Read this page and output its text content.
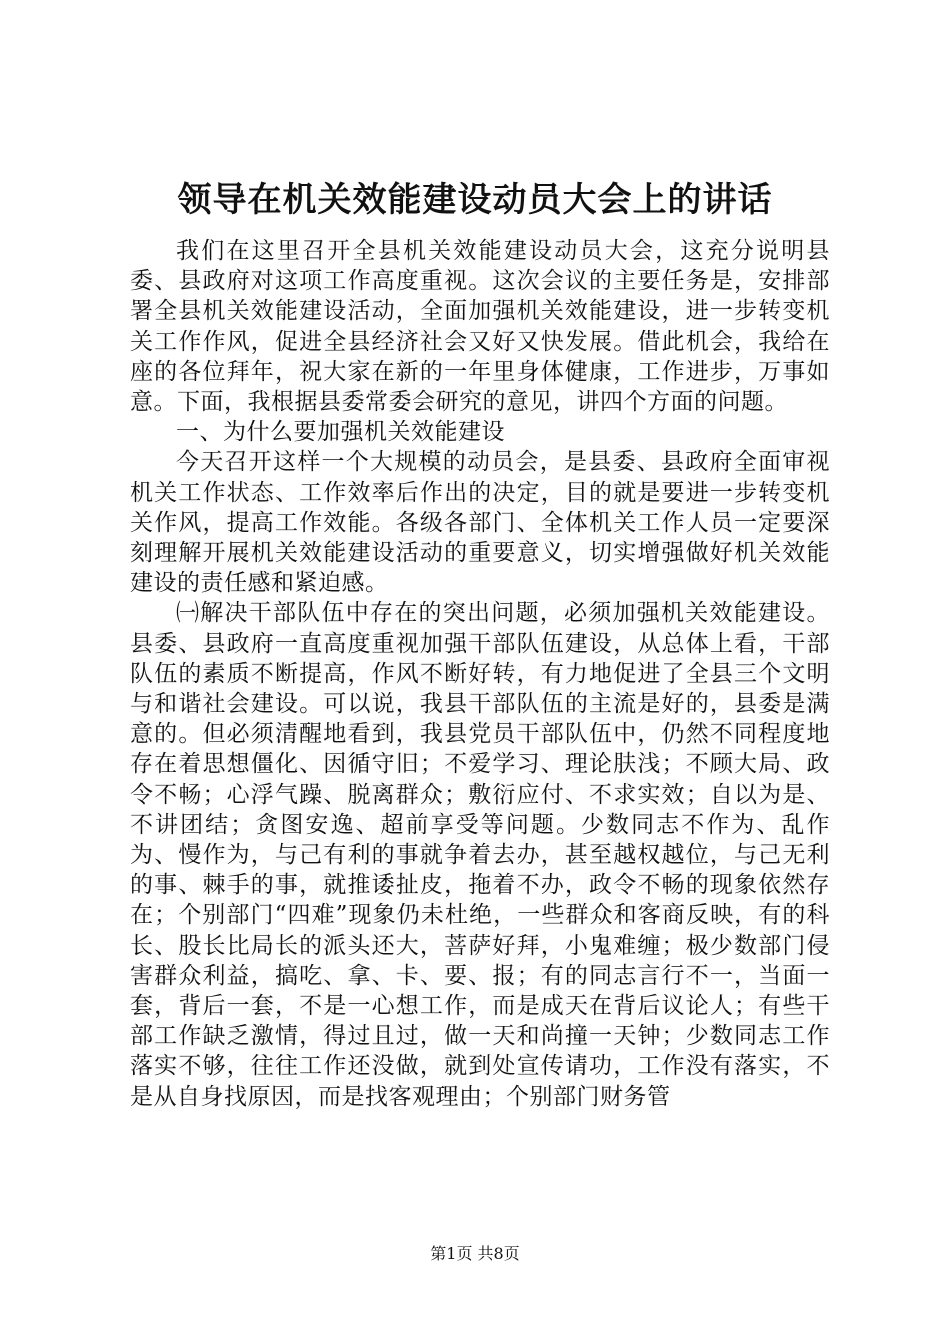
领导在机关效能建设动员大会上的讲话

我们在这里召开全县机关效能建设动员大会，这充分说明县委、县政府对这项工作高度重视。这次会议的主要任务是，安排部署全县机关效能建设活动，全面加强机关效能建设，进一步转变机关工作作风，促进全县经济社会又好又快发展。借此机会，我给在座的各位拜年，祝大家在新的一年里身体健康，工作进步，万事如意。下面，我根据县委常委会研究的意见，讲四个方面的问题。

一、为什么要加强机关效能建设

今天召开这样一个大规模的动员会，是县委、县政府全面审视机关工作状态、工作效率后作出的决定，目的就是要进一步转变机关作风，提高工作效能。各级各部门、全体机关工作人员一定要深刻理解开展机关效能建设活动的重要意义，切实增强做好机关效能建设的责任感和紧迫感。

㈠解决干部队伍中存在的突出问题，必须加强机关效能建设。县委、县政府一直高度重视加强干部队伍建设，从总体上看，干部队伍的素质不断提高，作风不断好转，有力地促进了全县三个文明与和谐社会建设。可以说，我县干部队伍的主流是好的，县委是满意的。但必须清醒地看到，我县党员干部队伍中，仍然不同程度地存在着思想僵化、因循守旧；不爱学习、理论肤浅；不顾大局、政令不畅；心浮气躁、脱离群众；敷衍应付、不求实效；自以为是、不讲团结；贪图安逸、超前享受等问题。少数同志不作为、乱作为、慢作为，与己有利的事就争着去办，甚至越权越位，与己无利的事、棘手的事，就推诿扯皮，拖着不办，政令不畅的现象依然存在；个别部门“四难”现象仍未杜绝，一些群众和客商反映，有的科长、股长比局长的派头还大，菩萨好拜，小鬼难缠；极少数部门侵害群众利益，搞吃、拿、卡、要、报；有的同志言行不一，当面一套，背后一套，不是一心想工作，而是成天在背后议论人；有些干部工作缺乏激情，得过且过，做一天和尚撞一天钟；少数同志工作落实不够，往往工作还没做，就到处宣传请功，工作没有落实，不是从自身找原因，而是找客观理由；个别部门财务管

第1页 共8页
